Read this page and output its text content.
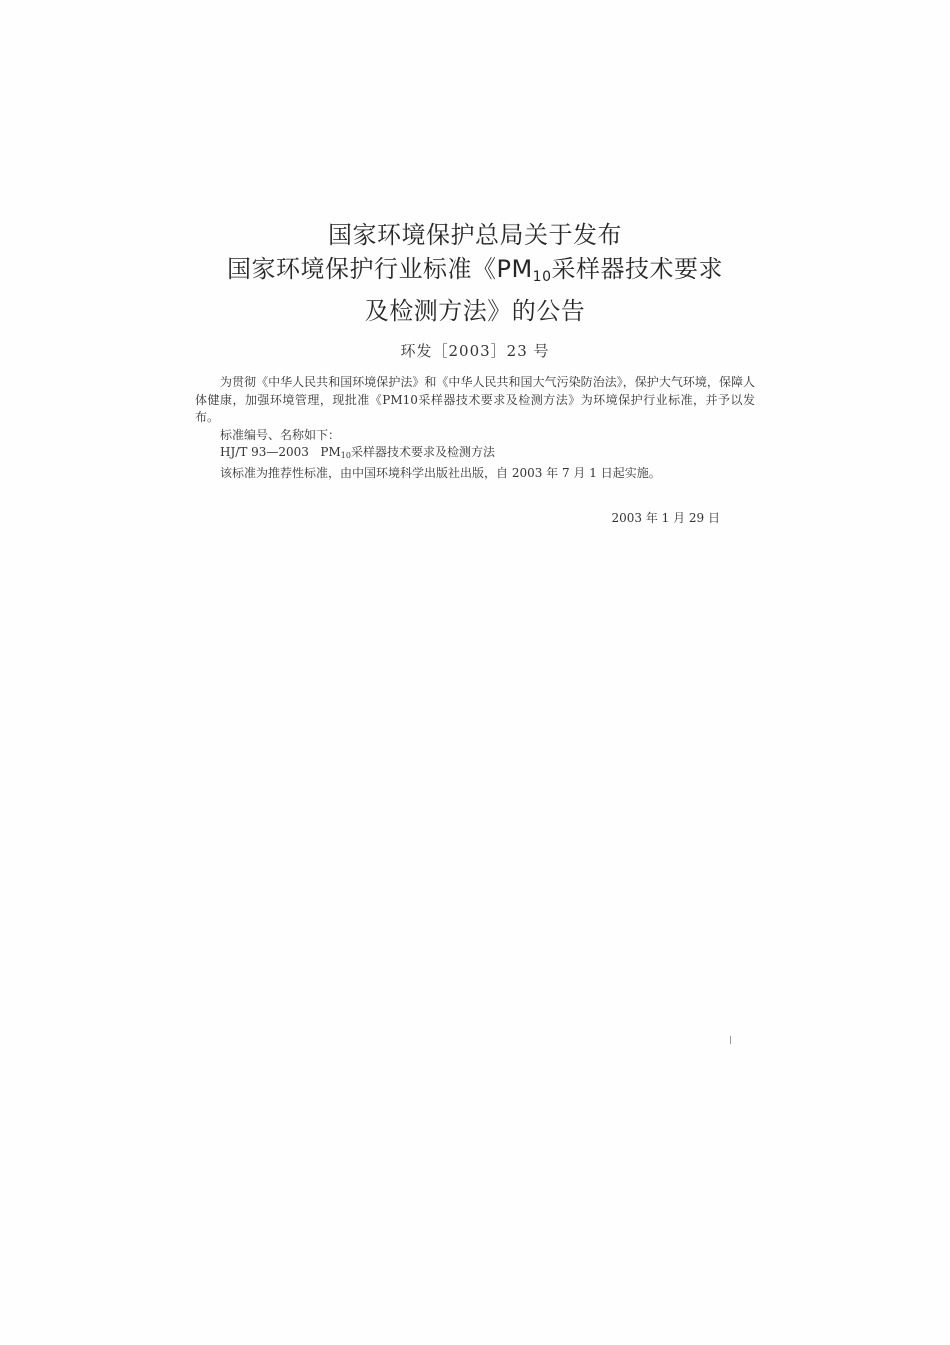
国家环境保护总局关于发布
国家环境保护行业标准《$PM_{10}$采样器技术要求
及检测方法》的公告
环发［2003］23 号

为贯彻《中华人民共和国环境保护法》和《中华人民共和国大气污染防治法》，保护大气环境，保障人体健康，加强环境管理，现批准《PM10采样器技术要求及检测方法》为环境保护行业标准，并予以发布。

标准编号、名称如下：

HJ/T 93—2003 $PM_{10}$采样器技术要求及检测方法

该标准为推荐性标准，由中国环境科学出版社出版，自 2003 年 7 月 1 日起实施。

2003 年 1 月 29 日
